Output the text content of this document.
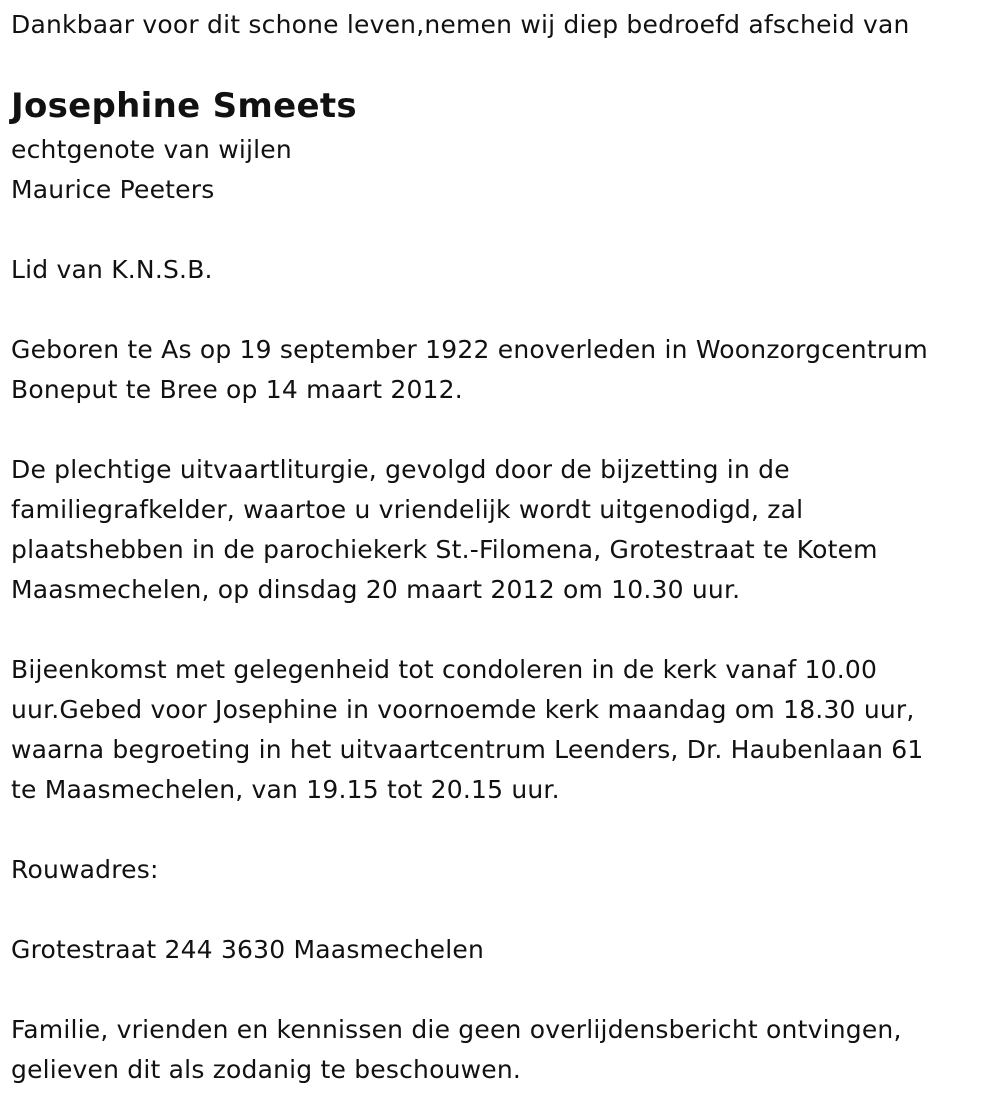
Dankbaar voor dit schone leven,nemen wij diep bedroefd afscheid van
Josephine Smeets
echtgenote van wijlen
Maurice Peeters
Lid van K.N.S.B.
Geboren te As op 19 september 1922 enoverleden in Woonzorgcentrum
Boneput te Bree op 14 maart 2012.
De plechtige uitvaartliturgie, gevolgd door de bijzetting in de
familiegrafkelder, waartoe u vriendelijk wordt uitgenodigd, zal
plaatshebben in de parochiekerk St.-Filomena, Grotestraat te Kotem
Maasmechelen, op dinsdag 20 maart 2012 om 10.30 uur.
Bijeenkomst met gelegenheid tot condoleren in de kerk vanaf 10.00
uur.Gebed voor Josephine in voornoemde kerk maandag om 18.30 uur,
waarna begroeting in het uitvaartcentrum Leenders, Dr. Haubenlaan 61
te Maasmechelen, van 19.15 tot 20.15 uur.
Rouwadres:
Grotestraat 244 3630 Maasmechelen
Familie, vrienden en kennissen die geen overlijdensbericht ontvingen,
gelieven dit als zodanig te beschouwen.
